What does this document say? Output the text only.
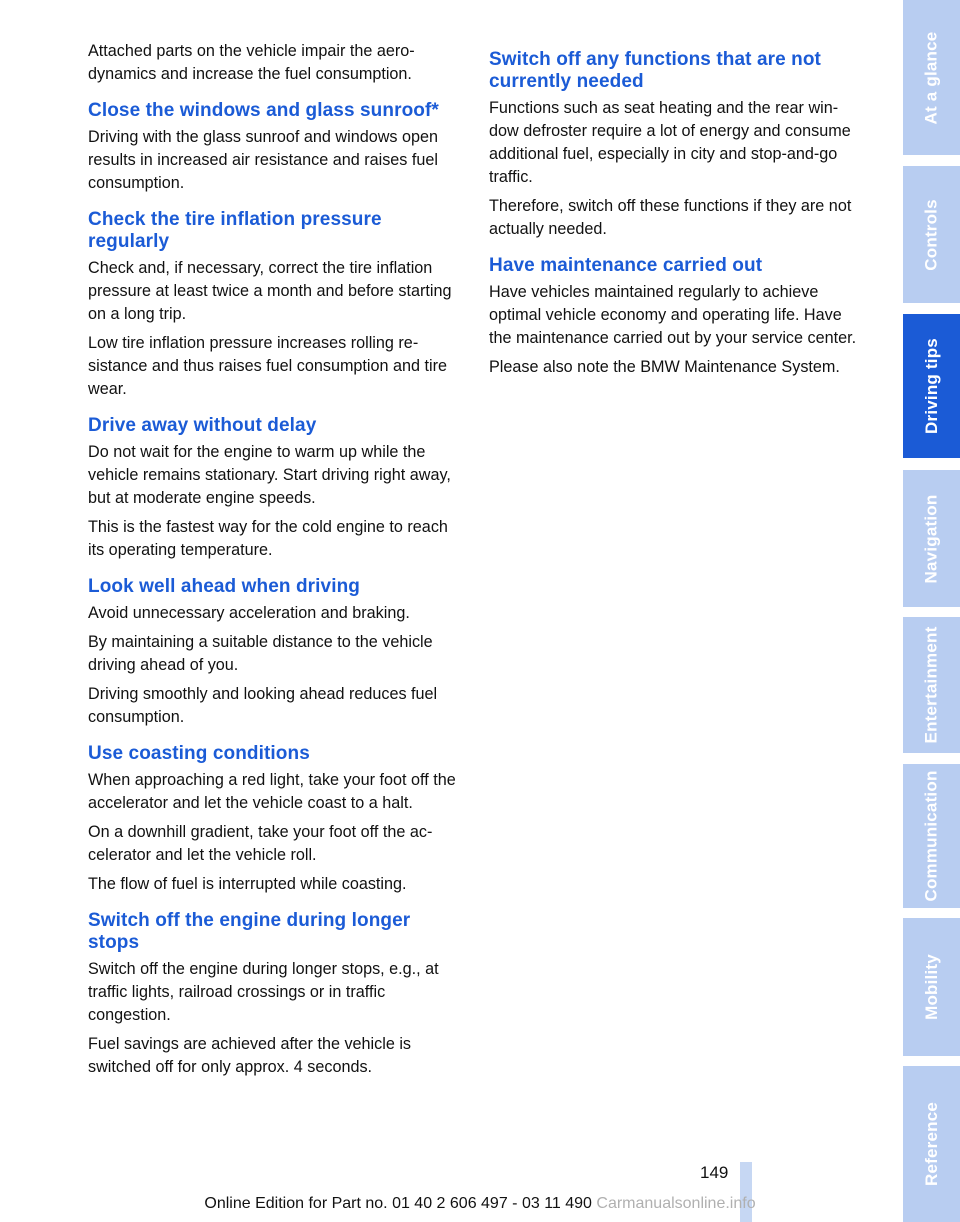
Attached parts on the vehicle impair the aerodynamics and increase the fuel consumption.

Close the windows and glass sunroof*

Driving with the glass sunroof and windows open results in increased air resistance and raises fuel consumption.

Check the tire inflation pressure regularly

Check and, if necessary, correct the tire inflation pressure at least twice a month and before starting on a long trip.

Low tire inflation pressure increases rolling resistance and thus raises fuel consumption and tire wear.

Drive away without delay

Do not wait for the engine to warm up while the vehicle remains stationary. Start driving right away, but at moderate engine speeds.

This is the fastest way for the cold engine to reach its operating temperature.

Look well ahead when driving

Avoid unnecessary acceleration and braking.

By maintaining a suitable distance to the vehicle driving ahead of you.

Driving smoothly and looking ahead reduces fuel consumption.

Use coasting conditions

When approaching a red light, take your foot off the accelerator and let the vehicle coast to a halt.

On a downhill gradient, take your foot off the accelerator and let the vehicle roll.

The flow of fuel is interrupted while coasting.

Switch off the engine during longer stops

Switch off the engine during longer stops, e.g., at traffic lights, railroad crossings or in traffic congestion.

Fuel savings are achieved after the vehicle is switched off for only approx. 4 seconds.

Switch off any functions that are not currently needed

Functions such as seat heating and the rear window defroster require a lot of energy and consume additional fuel, especially in city and stop-and-go traffic.

Therefore, switch off these functions if they are not actually needed.

Have maintenance carried out

Have vehicles maintained regularly to achieve optimal vehicle economy and operating life. Have the maintenance carried out by your service center.

Please also note the BMW Maintenance System.

At a glance
Controls
Driving tips
Navigation
Entertainment
Communication
Mobility
Reference
149
Online Edition for Part no. 01 40 2 606 497 - 03 11 490 Carmanualsonline.info
